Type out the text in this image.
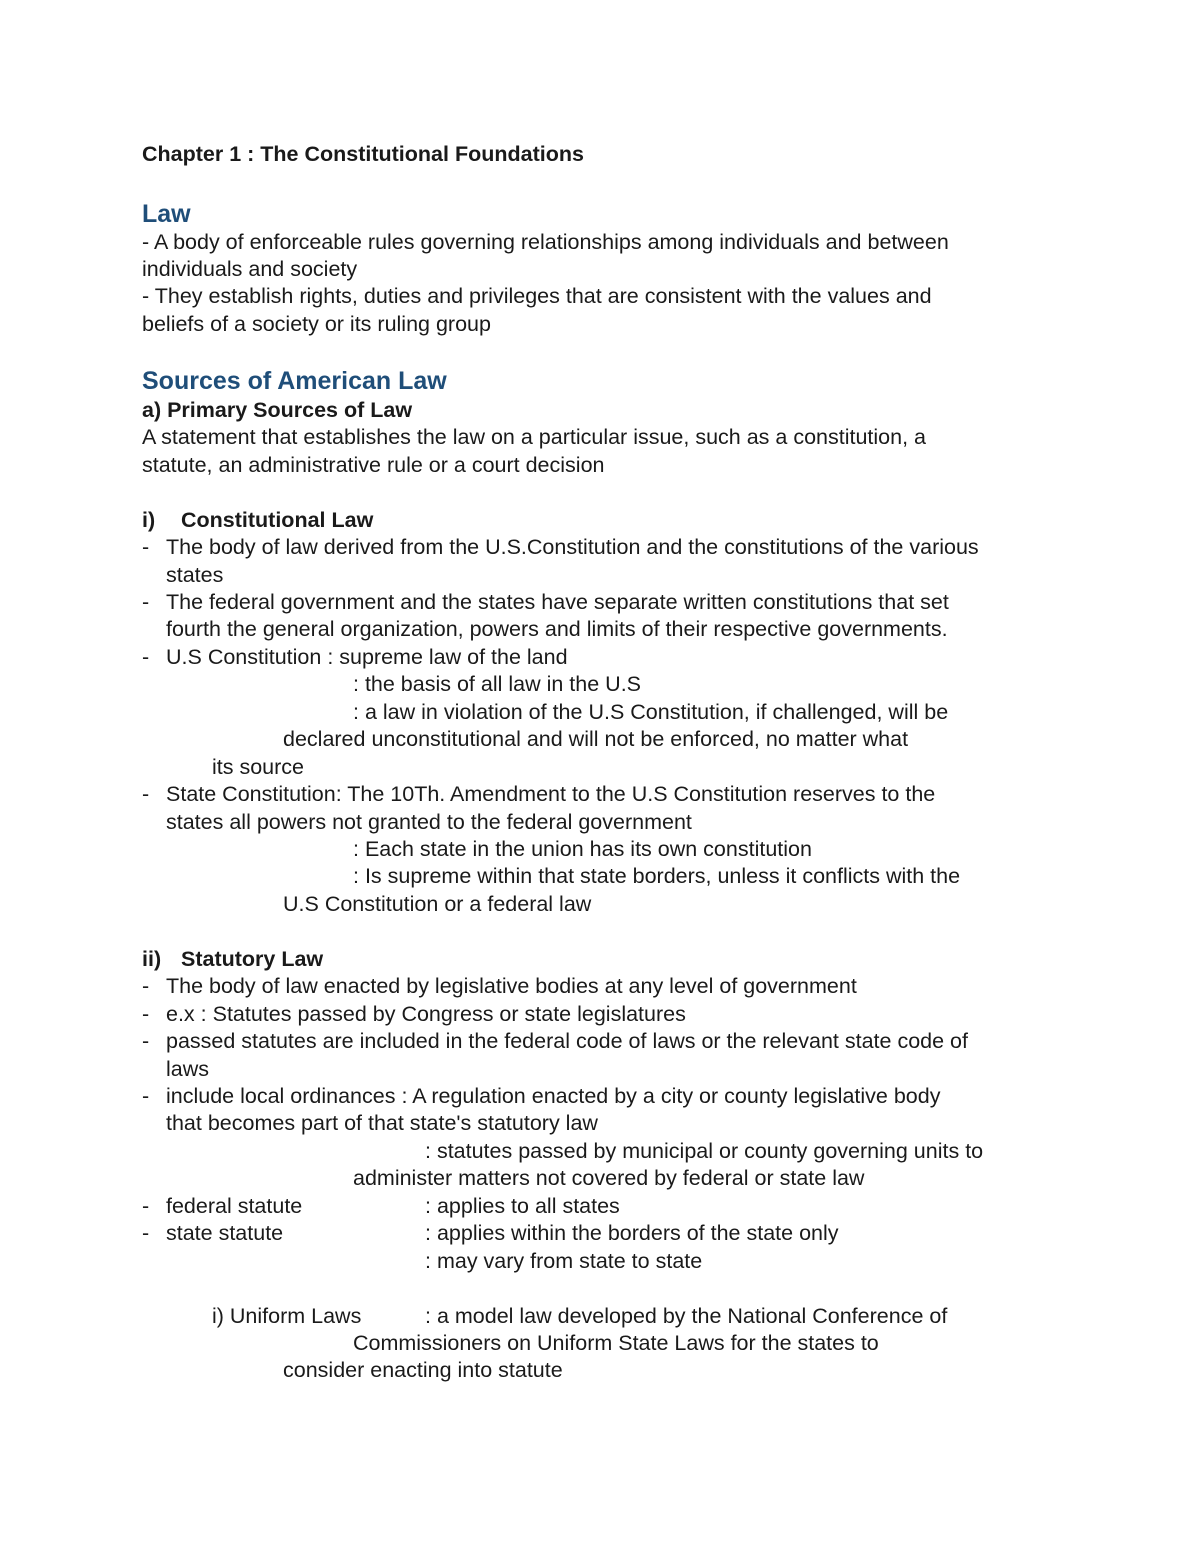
Chapter 1 : The Constitutional Foundations
Law
- A body of enforceable rules governing relationships among individuals and between
individuals and society
- They establish rights, duties and privileges that are consistent with the values and
beliefs of a society or its ruling group
Sources of American Law
a) Primary Sources of Law
A statement that establishes the law on a particular issue, such as a constitution, a
statute, an administrative rule or a court decision
i) Constitutional Law
- The body of law derived from the U.S.Constitution and the constitutions of the various
states
- The federal government and the states have separate written constitutions that set
fourth the general organization, powers and limits of their respective governments.
- U.S Constitution : supreme law of the land
: the basis of all law in the U.S
: a law in violation of the U.S Constitution, if challenged, will be
declared unconstitutional and will not be enforced, no matter what
its source
- State Constitution: The 10Th. Amendment to the U.S Constitution reserves to the
states all powers not granted to the federal government
: Each state in the union has its own constitution
: Is supreme within that state borders, unless it conflicts with the
U.S Constitution or a federal law
ii) Statutory Law
- The body of law enacted by legislative bodies at any level of government
- e.x : Statutes passed by Congress or state legislatures
- passed statutes are included in the federal code of laws or the relevant state code of
laws
- include local ordinances : A regulation enacted by a city or county legislative body
that becomes part of that state's statutory law
: statutes passed by municipal or county governing units to
administer matters not covered by federal or state law
- federal statute	: applies to all states
- state statute	: applies within the borders of the state only
: may vary from state to state
i) Uniform Laws	: a model law developed by the National Conference of
Commissioners on Uniform State Laws for the states to
consider enacting into statute
